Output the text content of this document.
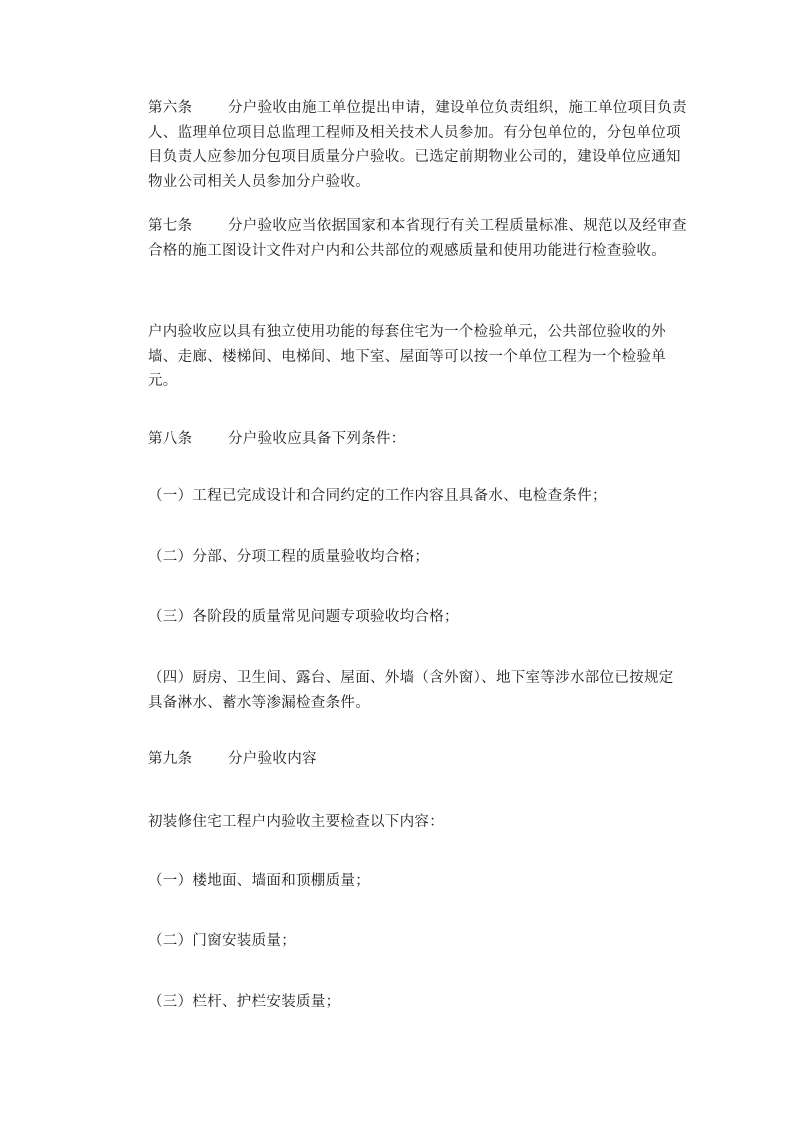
第六条 分户验收由施工单位提出申请，建设单位负责组织，施工单位项目负责人、监理单位项目总监理工程师及相关技术人员参加。有分包单位的，分包单位项目负责人应参加分包项目质量分户验收。已选定前期物业公司的，建设单位应通知物业公司相关人员参加分户验收。

第七条 分户验收应当依据国家和本省现行有关工程质量标准、规范以及经审查合格的施工图设计文件对户内和公共部位的观感质量和使用功能进行检查验收。

户内验收应以具有独立使用功能的每套住宅为一个检验单元，公共部位验收的外墙、走廊、楼梯间、电梯间、地下室、屋面等可以按一个单位工程为一个检验单元。

第八条 分户验收应具备下列条件：

（一）工程已完成设计和合同约定的工作内容且具备水、电检查条件；

（二）分部、分项工程的质量验收均合格；

（三）各阶段的质量常见问题专项验收均合格；

（四）厨房、卫生间、露台、屋面、外墙（含外窗）、地下室等涉水部位已按规定具备淋水、蓄水等渗漏检查条件。

第九条 分户验收内容

初装修住宅工程户内验收主要检查以下内容：

（一）楼地面、墙面和顶棚质量；

（二）门窗安装质量；

（三）栏杆、护栏安装质量；
